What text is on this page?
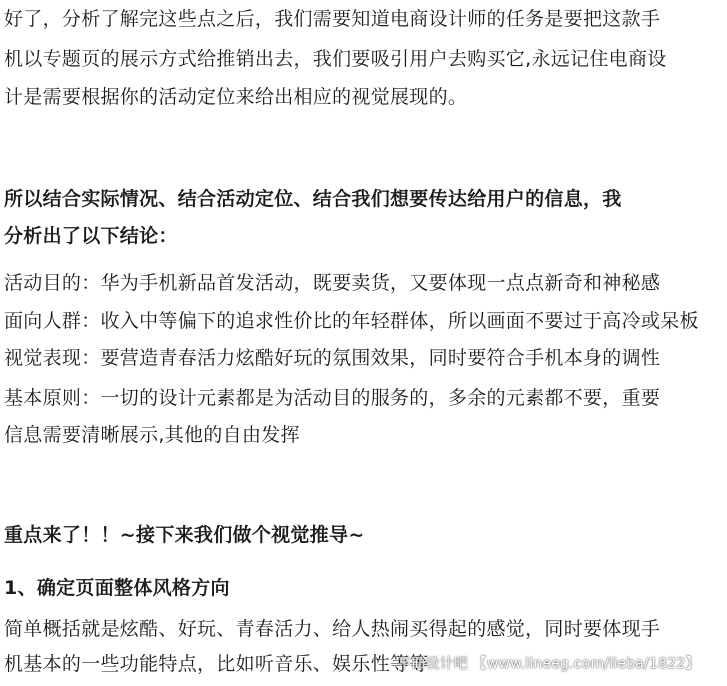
好了，分析了解完这些点之后，我们需要知道电商设计师的任务是要把这款手
机以专题页的展示方式给推销出去，我们要吸引用户去购买它,永远记住电商设
计是需要根据你的活动定位来给出相应的视觉展现的。
所以结合实际情况、结合活动定位、结合我们想要传达给用户的信息，我
分析出了以下结论：
活动目的：华为手机新品首发活动，既要卖货，又要体现一点点新奇和神秘感
面向人群：收入中等偏下的追求性价比的年轻群体，所以画面不要过于高冷或呆板
视觉表现：要营造青春活力炫酷好玩的氛围效果，同时要符合手机本身的调性
基本原则：一切的设计元素都是为活动目的服务的，多余的元素都不要，重要
信息需要清晰展示,其他的自由发挥
重点来了！！~接下来我们做个视觉推导~
1、确定页面整体风格方向
简单概括就是炫酷、好玩、青春活力、给人热闹买得起的感觉，同时要体现手
机基本的一些功能特点，比如听音乐、娱乐性等等
平面设计吧 【www.lineeg.com/lieba/1822】
